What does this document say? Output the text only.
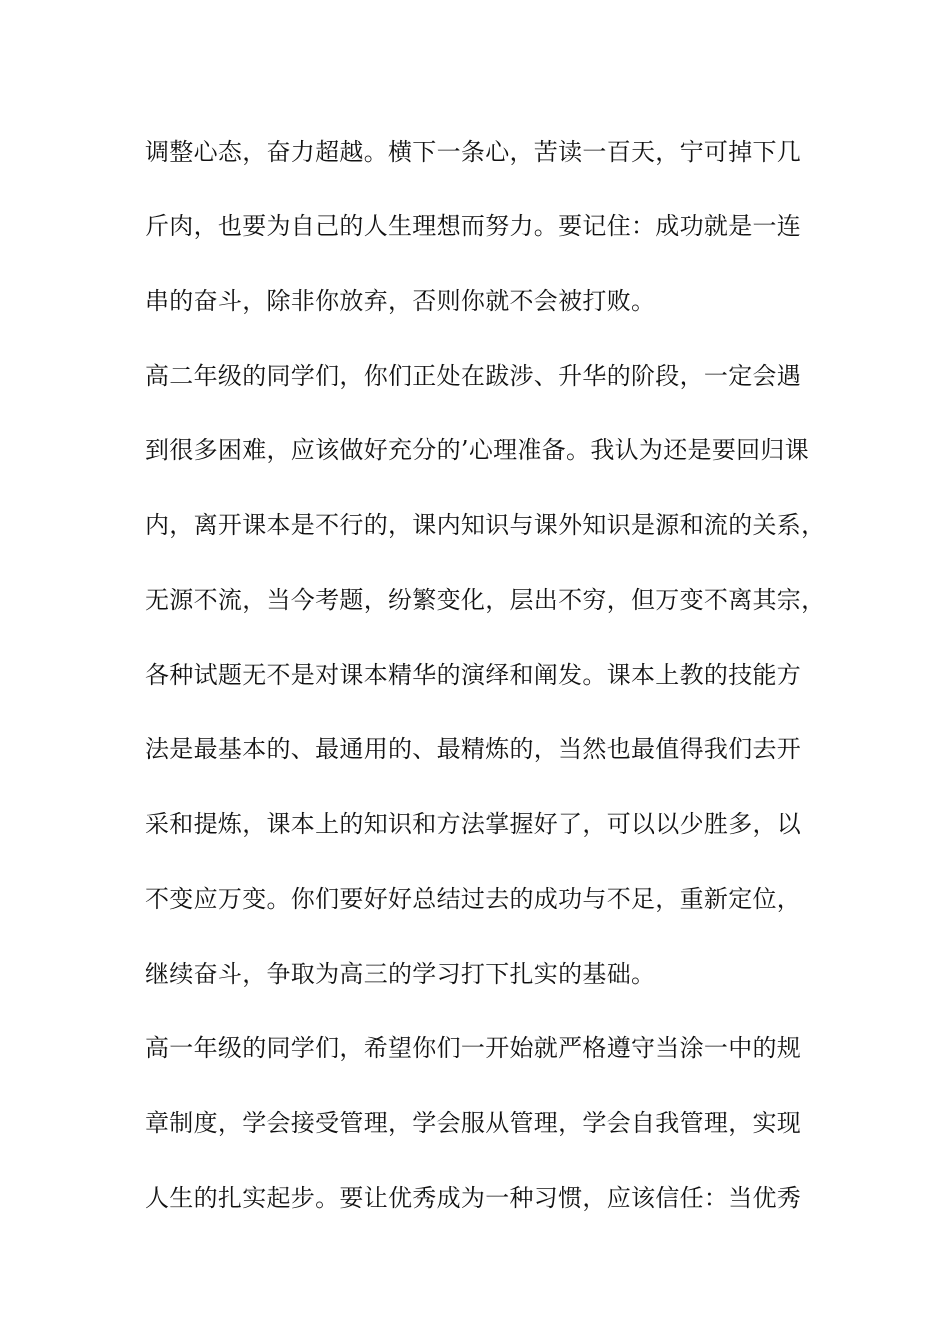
调整心态，奋力超越。横下一条心，苦读一百天，宁可掉下几
斤肉，也要为自己的人生理想而努力。要记住：成功就是一连
串的奋斗，除非你放弃，否则你就不会被打败。
高二年级的同学们，你们正处在跋涉、升华的阶段，一定会遇
到很多困难，应该做好充分的’心理准备。我认为还是要回归课
内，离开课本是不行的，课内知识与课外知识是源和流的关系，
无源不流，当今考题，纷繁变化，层出不穷，但万变不离其宗，
各种试题无不是对课本精华的演绎和阐发。课本上教的技能方
法是最基本的、最通用的、最精炼的，当然也最值得我们去开
采和提炼，课本上的知识和方法掌握好了，可以以少胜多，以
不变应万变。你们要好好总结过去的成功与不足，重新定位，
继续奋斗，争取为高三的学习打下扎实的基础。
高一年级的同学们，希望你们一开始就严格遵守当涂一中的规
章制度，学会接受管理，学会服从管理，学会自我管理，实现
人生的扎实起步。要让优秀成为一种习惯，应该信任：当优秀
